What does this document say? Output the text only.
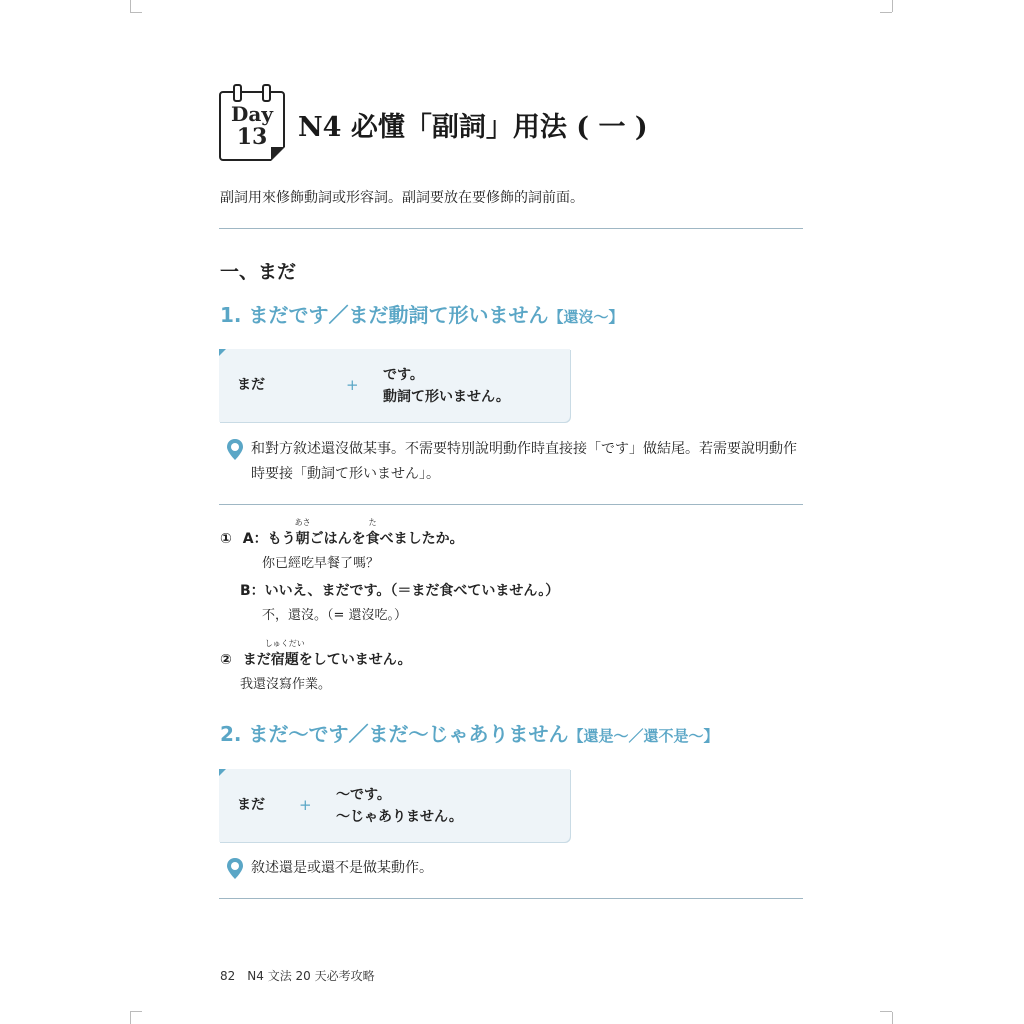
Day
13	N4 必懂「副詞」用法 ( 一 )
副詞用來修飾動詞或形容詞。副詞要放在要修飾的詞前面。
一、まだ
1. まだです／まだ動詞て形いません【還沒～】
まだ	+
です。
動詞て形いません。
和對方敘述還沒做某事。不需要特別說明動作時直接接「です」做結尾。若需要說明動作時要接「動詞て形いません」。
① A：もう
あさ
朝ごはんを
た
食べましたか。
你已經吃早餐了嗎？
B：いいえ、まだです。（＝まだ食べていません。）
不，還沒。（= 還沒吃。）
② まだ
しゅくだい
宿題をしていません。
我還沒寫作業。
2. まだ～です／まだ～じゃありません【還是～／還不是～】
まだ +
～です。
～じゃありません。
敘述還是或還不是做某動作。
82 N4 文法 20 天必考攻略
